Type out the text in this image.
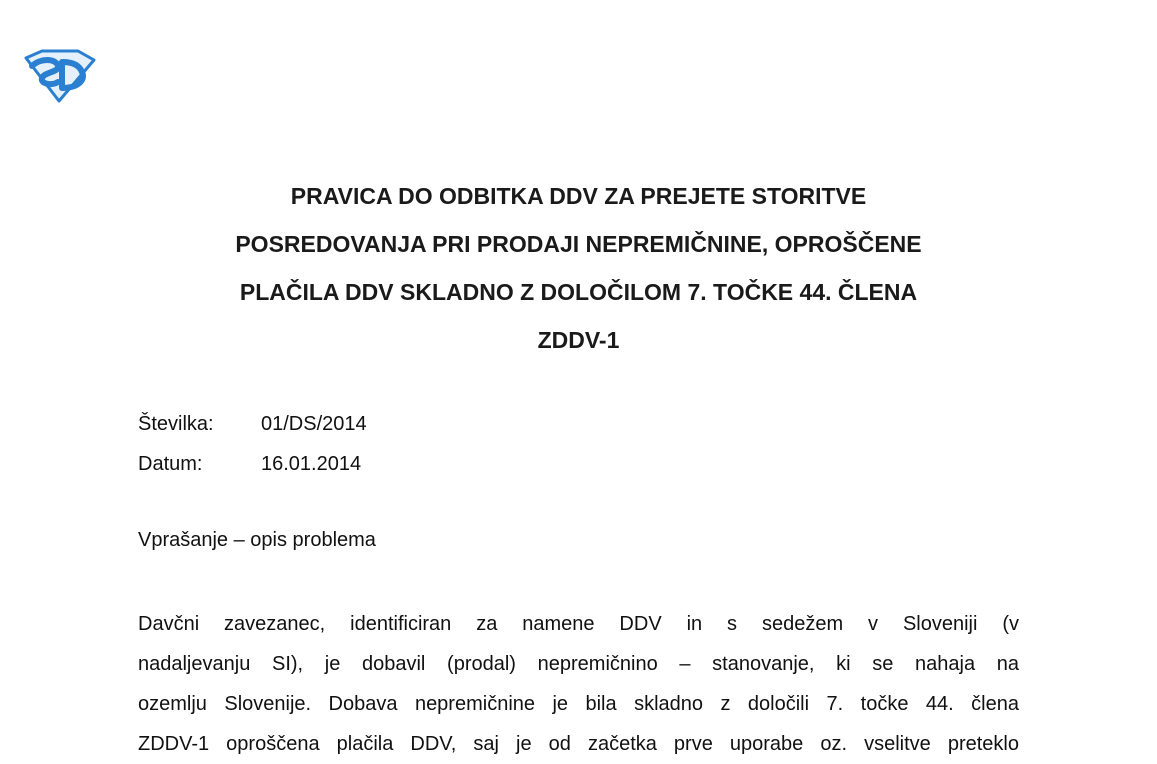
PRAVICA DO ODBITKA DDV ZA PREJETE STORITVE
POSREDOVANJA PRI PRODAJI NEPREMIČNINE, OPROŠČENE
PLAČILA DDV SKLADNO Z DOLOČILOM 7. TOČKE 44. ČLENA
ZDDV-1
Številka:	01/DS/2014
Datum:	16.01.2014
Vprašanje – opis problema
Davčni zavezanec, identificiran za namene DDV in s sedežem v Sloveniji (v
nadaljevanju SI), je dobavil (prodal) nepremičnino – stanovanje, ki se nahaja na
ozemlju Slovenije. Dobava nepremičnine je bila skladno z določili 7. točke 44. člena
ZDDV-1 oproščena plačila DDV, saj je od začetka prve uporabe oz. vselitve preteklo
